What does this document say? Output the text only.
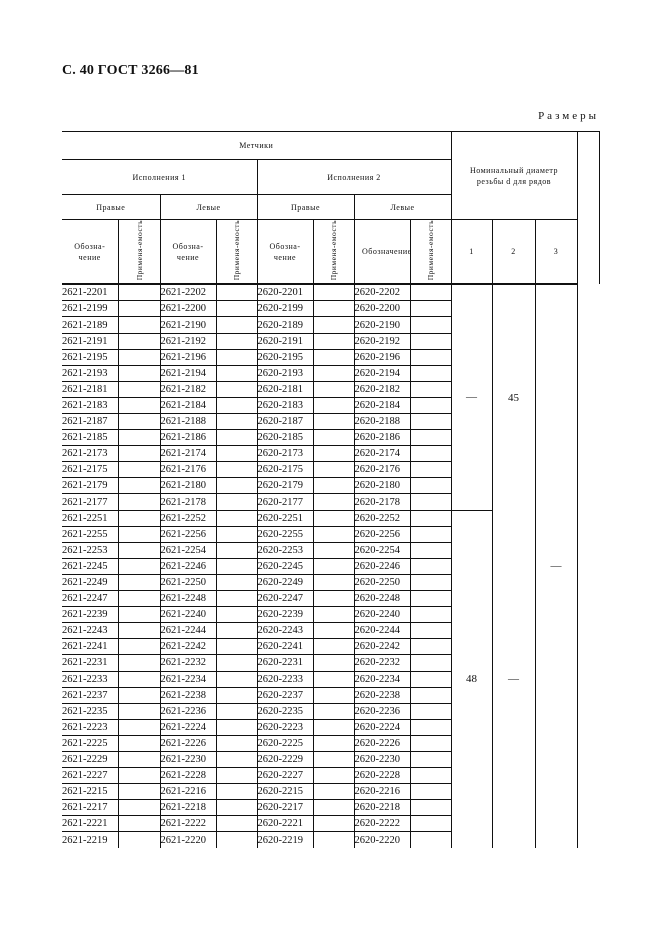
С. 40 ГОСТ 3266—81
Размеры
Метчики								Номинальный диаметр резьбы d для рядов			
Исполнения 1				Исполнения 2							
Правые		Левые		Правые		Левые					
Обозна-чение	Применя-емость	Обозна-чение	Применя-емость	Обозна-чение	Применя-емость	Обозначение	Применя-емость	1	2	3	
2621-2201		2621-2202		2620-2201		2620-2202		—	45	—	
2621-2199		2621-2200		2620-2199		2620-2200					
2621-2189		2621-2190		2620-2189		2620-2190					
2621-2191		2621-2192		2620-2191		2620-2192					
2621-2195		2621-2196		2620-2195		2620-2196					
2621-2193		2621-2194		2620-2193		2620-2194					
2621-2181		2621-2182		2620-2181		2620-2182					
2621-2183		2621-2184		2620-2183		2620-2184					
2621-2187		2621-2188		2620-2187		2620-2188					
2621-2185		2621-2186		2620-2185		2620-2186					
2621-2173		2621-2174		2620-2173		2620-2174					
2621-2175		2621-2176		2620-2175		2620-2176					
2621-2179		2621-2180		2620-2179		2620-2180					
2621-2177		2621-2178		2620-2177		2620-2178					
2621-2251		2621-2252		2620-2251		2620-2252		48	—		
2621-2255		2621-2256		2620-2255		2620-2256					
2621-2253		2621-2254		2620-2253		2620-2254					
2621-2245		2621-2246		2620-2245		2620-2246					
2621-2249		2621-2250		2620-2249		2620-2250					
2621-2247		2621-2248		2620-2247		2620-2248					
2621-2239		2621-2240		2620-2239		2620-2240					
2621-2243		2621-2244		2620-2243		2620-2244					
2621-2241		2621-2242		2620-2241		2620-2242					
2621-2231		2621-2232		2620-2231		2620-2232					
2621-2233		2621-2234		2620-2233		2620-2234					
2621-2237		2621-2238		2620-2237		2620-2238					
2621-2235		2621-2236		2620-2235		2620-2236					
2621-2223		2621-2224		2620-2223		2620-2224					
2621-2225		2621-2226		2620-2225		2620-2226					
2621-2229		2621-2230		2620-2229		2620-2230					
2621-2227		2621-2228		2620-2227		2620-2228					
2621-2215		2621-2216		2620-2215		2620-2216					
2621-2217		2621-2218		2620-2217		2620-2218					
2621-2221		2621-2222		2620-2221		2620-2222					
2621-2219		2621-2220		2620-2219		2620-2220					
